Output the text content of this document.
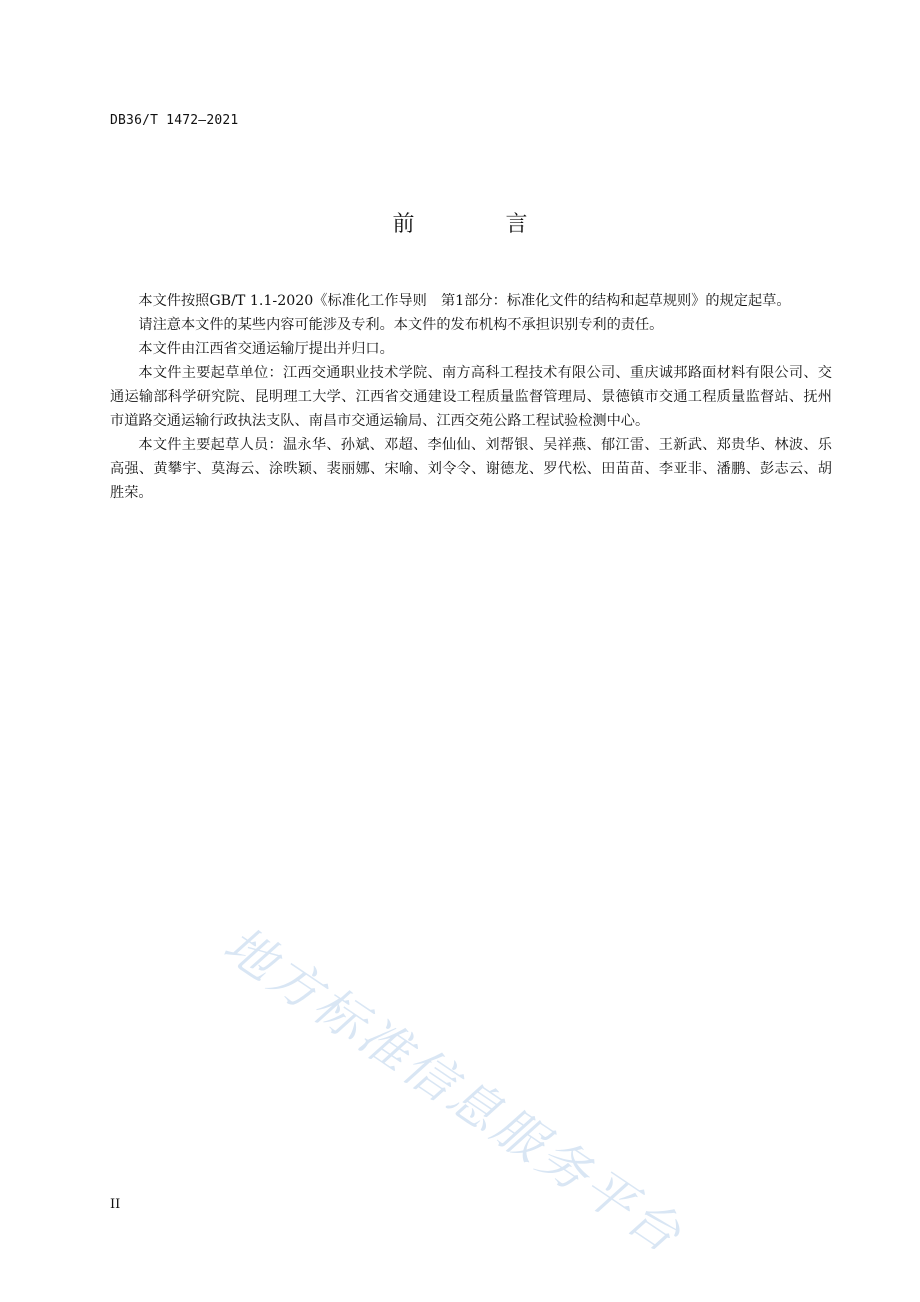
DB36/T 1472—2021
前 言

本文件按照GB/T 1.1-2020《标准化工作导则　第1部分：标准化文件的结构和起草规则》的规定起草。

请注意本文件的某些内容可能涉及专利。本文件的发布机构不承担识别专利的责任。

本文件由江西省交通运输厅提出并归口。

本文件主要起草单位：江西交通职业技术学院、南方高科工程技术有限公司、重庆诚邦路面材料有限公司、交通运输部科学研究院、昆明理工大学、江西省交通建设工程质量监督管理局、景德镇市交通工程质量监督站、抚州市道路交通运输行政执法支队、南昌市交通运输局、江西交苑公路工程试验检测中心。

本文件主要起草人员：温永华、孙斌、邓超、李仙仙、刘帮银、吴祥燕、郁江雷、王新武、郑贵华、林波、乐高强、黄攀宇、莫海云、涂昳颖、裴丽娜、宋喻、刘令令、谢德龙、罗代松、田苗苗、李亚非、潘鹏、彭志云、胡胜荣。

地方标准信息服务平台
II
